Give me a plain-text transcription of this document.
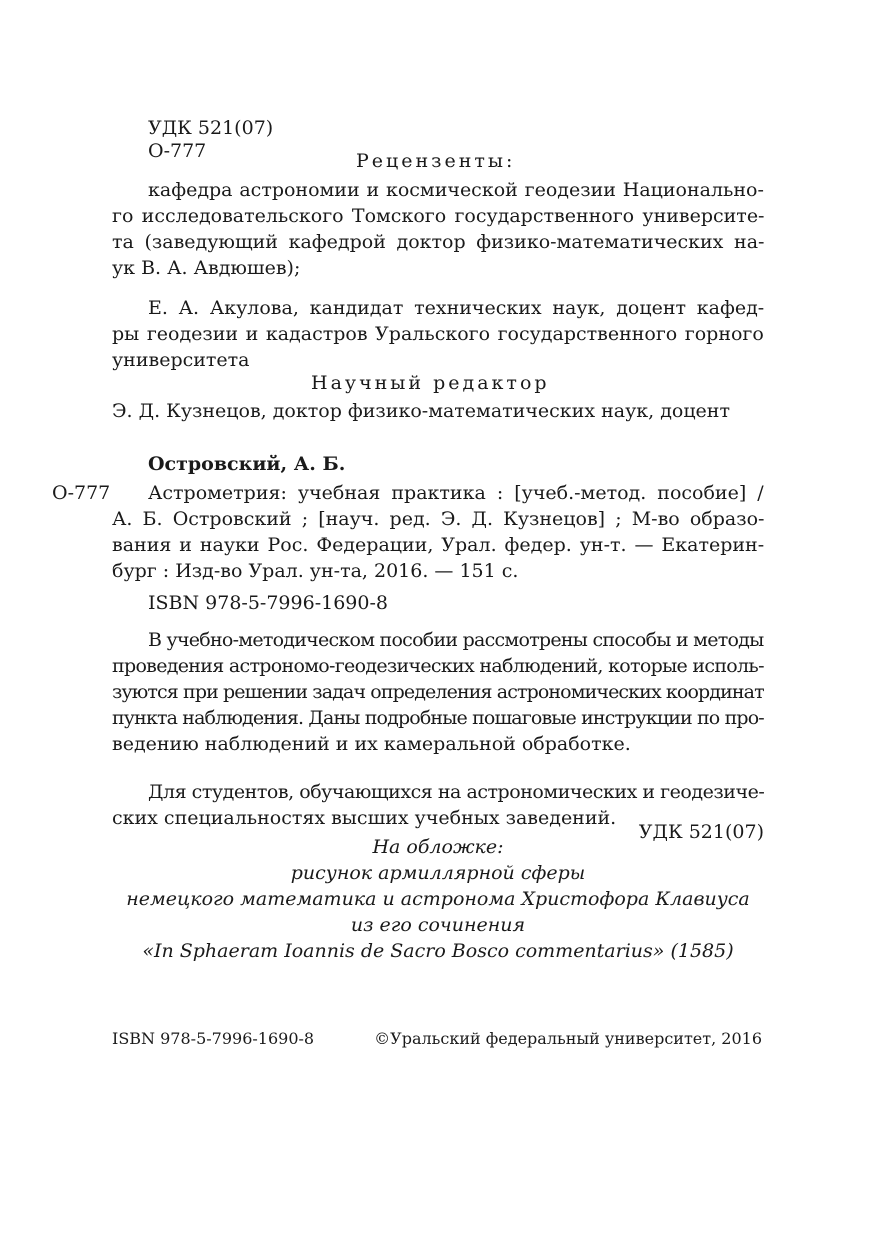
УДК 521(07)
О-777	Рецензенты:
кафедра астрономии и космической геодезии Национально-
го исследовательского Томского государственного университе-
та (заведующий кафедрой доктор физико-математических на-
ук В. А. Авдюшев);
Е. А. Акулова, кандидат технических наук, доцент кафед-
ры геодезии и кадастров Уральского государственного горного
университета
Научный редактор
Э. Д. Кузнецов, доктор физико-математических наук, доцент
Островский, А. Б.
О-777	Астрометрия: учебная практика : [учеб.-метод. пособие] /
А. Б. Островский ; [науч. ред. Э. Д. Кузнецов] ; М-во образо-
вания и науки Рос. Федерации, Урал. федер. ун-т. — Екатерин-
бург : Изд-во Урал. ун-та, 2016. — 151 с.
ISBN 978-5-7996-1690-8
В учебно-методическом пособии рассмотрены способы и методы
проведения астрономо-геодезических наблюдений, которые исполь-
зуются при решении задач определения астрономических координат
пункта наблюдения. Даны подробные пошаговые инструкции по про-
ведению наблюдений и их камеральной обработке.
Для студентов, обучающихся на астрономических и геодезиче-
ских специальностях высших учебных заведений.
УДК 521(07)
На обложке:
рисунок армиллярной сферы
немецкого математика и астронома Христофора Клавиуса
из его сочинения
«In Sphaeram Ioannis de Sacro Bosco commentarius» (1585)
ISBN 978-5-7996-1690-8	©Уральский федеральный университет, 2016
